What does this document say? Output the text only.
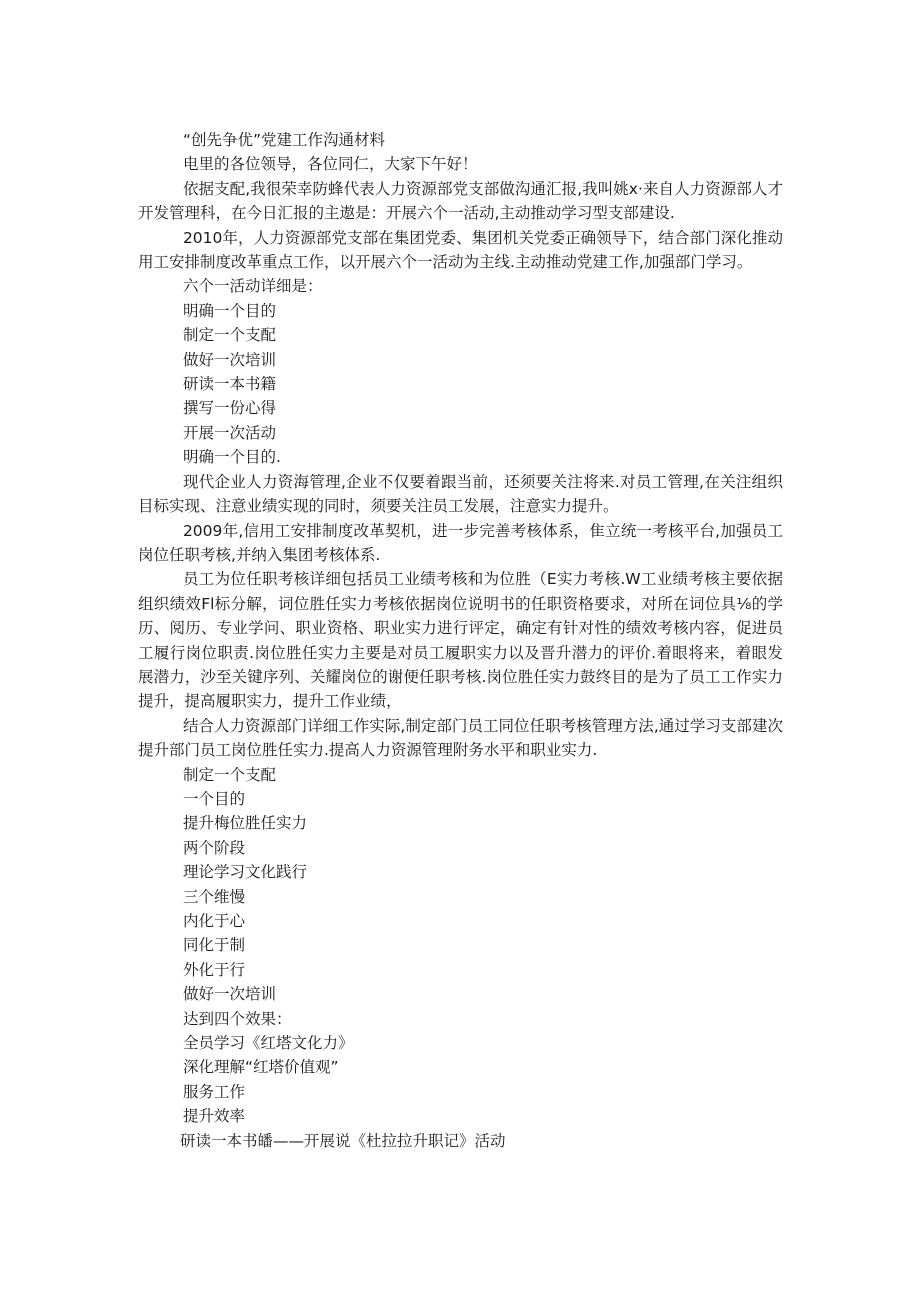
“创先争优”党建工作沟通材料

电里的各位领导，各位同仁，大家下午好！

依据支配,我很荣幸防蜂代表人力资源部党支部做沟通汇报,我叫姚x·来自人力资源部人才开发管理科，在今日汇报的主遨是：开展六个一活动,主动推动学习型支部建设.

2010年，人力资源部党支部在集团党委、集团机关党委正确领导下，结合部门深化推动用工安排制度改革重点工作，以开展六个一活动为主线.主动推动党建工作,加强部门学习。

六个一活动详细是：

明确一个目的

制定一个支配

做好一次培训

研读一本书籍

撰写一份心得

开展一次活动

明确一个目的.

现代企业人力资海管理,企业不仅要着跟当前，还须要关注将来.对员工管理,在关注组织目标实现、注意业绩实现的同时，须要关注员工发展，注意实力提升。

2009年,信用工安排制度改革契机，进一步完善考核体系，隹立统一考核平台,加强员工岗位任职考核,并纳入集团考核体系.

员工为位任职考核详细包括员工业绩考核和为位胜（E实力考核.W工业绩考核主要依据组织绩效Fl标分解，词位胜任实力考核依据岗位说明书的任职资格要求，对所在词位具⅛的学历、阅历、专业学问、职业资格、职业实力进行评定，确定有针对性的绩效考核内容，促进员工履行岗位职责.岗位胜任实力主要是对员工履职实力以及晋升潜力的评价.着眼将来，着眼发展潜力，沙至关键序列、关耀岗位的谢便任职考核.岗位胜任实力鼓终目的是为了员工工作实力提升，提高履职实力，提升工作业绩，

结合人力资源部门详细工作实际,制定部门员工同位任职考核管理方法,通过学习支部建次提升部门员工岗位胜任实力.提高人力资源管理附务水平和职业实力.

制定一个支配

一个目的

提升梅位胜任实力

两个阶段

理论学习文化践行

三个维慢

内化于心

同化于制

外化于行

做好一次培训

达到四个效果：

全员学习《红塔文化力》

深化理解“红塔价值观”

服务工作

提升效率

研读一本书皤——开展说《杜拉拉升职记》活动
